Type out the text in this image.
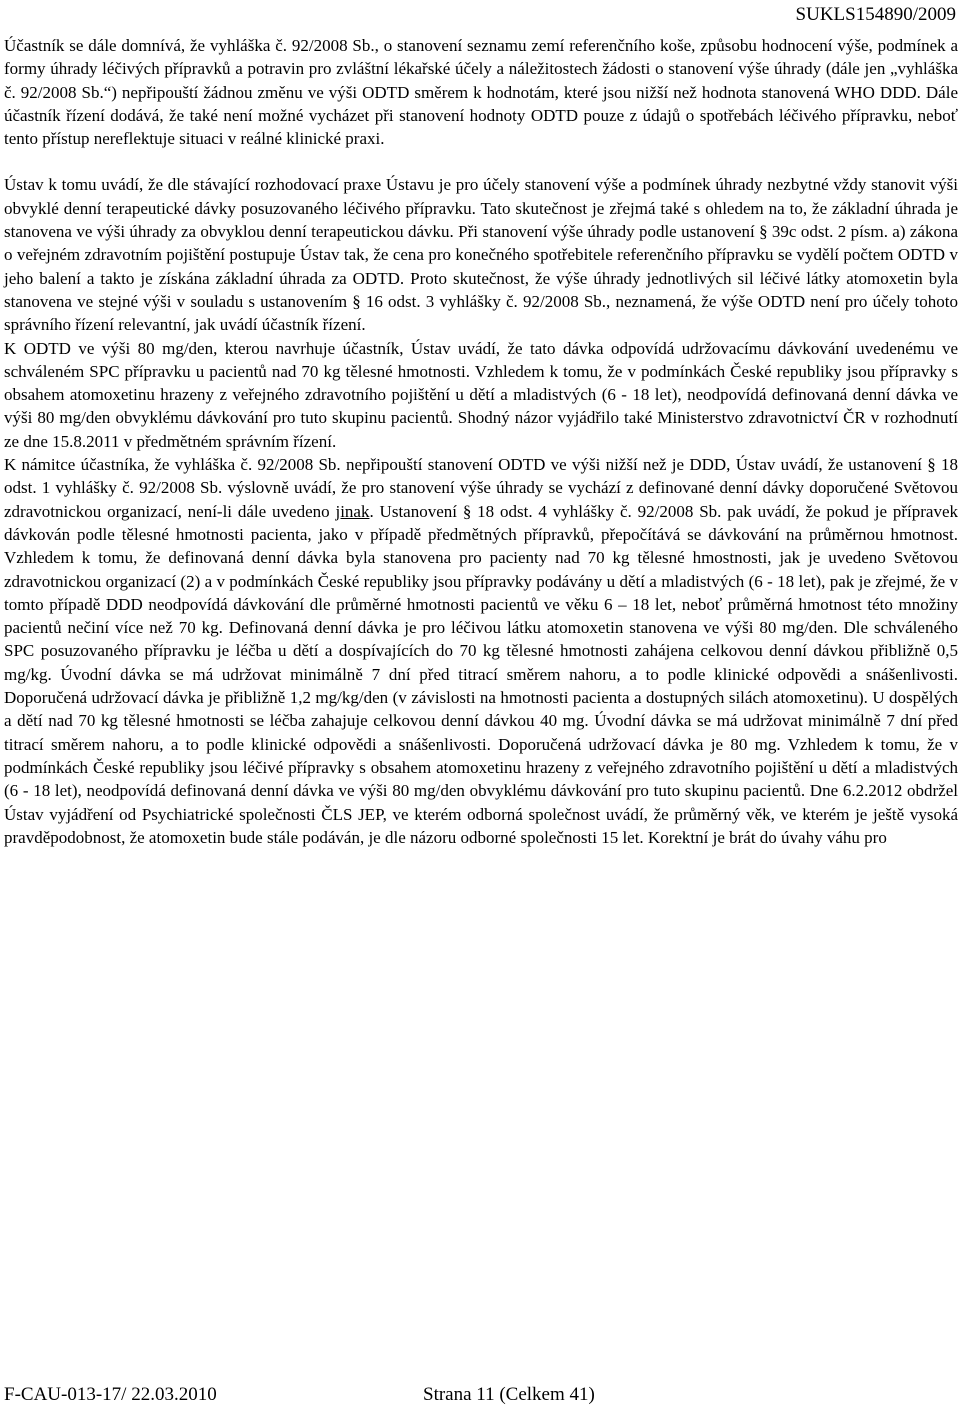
SUKLS154890/2009

Účastník se dále domnívá, že vyhláška č. 92/2008 Sb., o stanovení seznamu zemí referenčního koše, způsobu hodnocení výše, podmínek a formy úhrady léčivých přípravků a potravin pro zvláštní lékařské účely a náležitostech žádosti o stanovení výše úhrady (dále jen „vyhláška č. 92/2008 Sb.“) nepřipouští žádnou změnu ve výši ODTD směrem k hodnotám, které jsou nižší než hodnota stanovená WHO DDD. Dále účastník řízení dodává, že také není možné vycházet při stanovení hodnoty ODTD pouze z údajů o spotřebách léčivého přípravku, neboť tento přístup nereflektuje situaci v reálné klinické praxi.

Ústav k tomu uvádí, že dle stávající rozhodovací praxe Ústavu je pro účely stanovení výše a podmínek úhrady nezbytné vždy stanovit výši obvyklé denní terapeutické dávky posuzovaného léčivého přípravku. Tato skutečnost je zřejmá také s ohledem na to, že základní úhrada je stanovena ve výši úhrady za obvyklou denní terapeutickou dávku. Při stanovení výše úhrady podle ustanovení § 39c odst. 2 písm. a) zákona o veřejném zdravotním pojištění postupuje Ústav tak, že cena pro konečného spotřebitele referenčního přípravku se vydělí počtem ODTD v jeho balení a takto je získána základní úhrada za ODTD. Proto skutečnost, že výše úhrady jednotlivých sil léčivé látky atomoxetin byla stanovena ve stejné výši v souladu s ustanovením § 16 odst. 3 vyhlášky č. 92/2008 Sb., neznamená, že výše ODTD není pro účely tohoto správního řízení relevantní, jak uvádí účastník řízení.

K ODTD ve výši 80 mg/den, kterou navrhuje účastník, Ústav uvádí, že tato dávka odpovídá udržovacímu dávkování uvedenému ve schváleném SPC přípravku u pacientů nad 70 kg tělesné hmotnosti. Vzhledem k tomu, že v podmínkách České republiky jsou přípravky s obsahem atomoxetinu hrazeny z veřejného zdravotního pojištění u dětí a mladistvých (6 - 18 let), neodpovídá definovaná denní dávka ve výši 80 mg/den obvyklému dávkování pro tuto skupinu pacientů. Shodný názor vyjádřilo také Ministerstvo zdravotnictví ČR v rozhodnutí ze dne 15.8.2011 v předmětném správním řízení.

K námitce účastníka, že vyhláška č. 92/2008 Sb. nepřipouští stanovení ODTD ve výši nižší než je DDD, Ústav uvádí, že ustanovení § 18 odst. 1 vyhlášky č. 92/2008 Sb. výslovně uvádí, že pro stanovení výše úhrady se vychází z definované denní dávky doporučené Světovou zdravotnickou organizací, není-li dále uvedeno jinak. Ustanovení § 18 odst. 4 vyhlášky č. 92/2008 Sb. pak uvádí, že pokud je přípravek dávkován podle tělesné hmotnosti pacienta, jako v případě předmětných přípravků, přepočítává se dávkování na průměrnou hmotnost. Vzhledem k tomu, že definovaná denní dávka byla stanovena pro pacienty nad 70 kg tělesné hmostnosti, jak je uvedeno Světovou zdravotnickou organizací (2) a v podmínkách České republiky jsou přípravky podávány u dětí a mladistvých (6 - 18 let), pak je zřejmé, že v tomto případě DDD neodpovídá dávkování dle průměrné hmotnosti pacientů ve věku 6 – 18 let, neboť průměrná hmotnost této množiny pacientů nečiní více než 70 kg. Definovaná denní dávka je pro léčivou látku atomoxetin stanovena ve výši 80 mg/den. Dle schváleného SPC posuzovaného přípravku je léčba u dětí a dospívajících do 70 kg tělesné hmotnosti zahájena celkovou denní dávkou přibližně 0,5 mg/kg. Úvodní dávka se má udržovat minimálně 7 dní před titrací směrem nahoru, a to podle klinické odpovědi a snášenlivosti. Doporučená udržovací dávka je přibližně 1,2 mg/kg/den (v závislosti na hmotnosti pacienta a dostupných silách atomoxetinu). U dospělých a dětí nad 70 kg tělesné hmotnosti se léčba zahajuje celkovou denní dávkou 40 mg. Úvodní dávka se má udržovat minimálně 7 dní před titrací směrem nahoru, a to podle klinické odpovědi a snášenlivosti. Doporučená udržovací dávka je 80 mg. Vzhledem k tomu, že v podmínkách České republiky jsou léčivé přípravky s obsahem atomoxetinu hrazeny z veřejného zdravotního pojištění u dětí a mladistvých (6 - 18 let), neodpovídá definovaná denní dávka ve výši 80 mg/den obvyklému dávkování pro tuto skupinu pacientů. Dne 6.2.2012 obdržel Ústav vyjádření od Psychiatrické společnosti ČLS JEP, ve kterém odborná společnost uvádí, že průměrný věk, ve kterém je ještě vysoká pravděpodobnost, že atomoxetin bude stále podáván, je dle názoru odborné společnosti 15 let. Korektní je brát do úvahy váhu pro

F-CAU-013-17/ 22.03.2010	Strana 11 (Celkem 41)
